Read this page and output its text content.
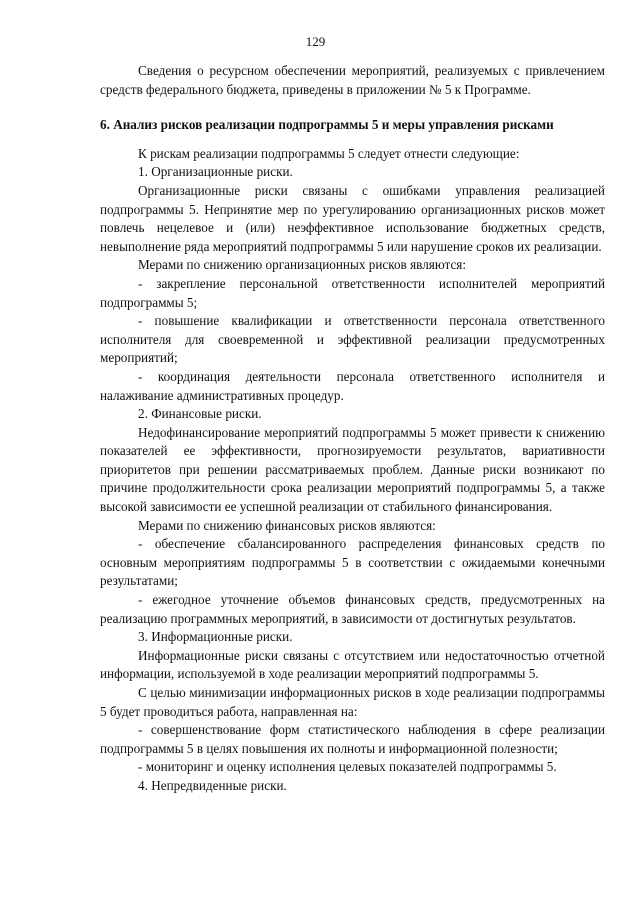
129

Сведения о ресурсном обеспечении мероприятий, реализуемых с привлечением средств федерального бюджета, приведены в приложении № 5 к Программе.

6. Анализ рисков реализации подпрограммы 5 и меры управления рисками

К рискам реализации подпрограммы 5 следует отнести следующие:

1. Организационные риски.

Организационные риски связаны с ошибками управления реализацией подпрограммы 5. Непринятие мер по урегулированию организационных рисков может повлечь нецелевое и (или) неэффективное использование бюджетных средств, невыполнение ряда мероприятий подпрограммы 5 или нарушение сроков их реализации.

Мерами по снижению организационных рисков являются:

- закрепление персональной ответственности исполнителей мероприятий подпрограммы 5;

- повышение квалификации и ответственности персонала ответственного исполнителя для своевременной и эффективной реализации предусмотренных мероприятий;

- координация деятельности персонала ответственного исполнителя и налаживание административных процедур.

2. Финансовые риски.

Недофинансирование мероприятий подпрограммы 5 может привести к снижению показателей ее эффективности, прогнозируемости результатов, вариативности приоритетов при решении рассматриваемых проблем. Данные риски возникают по причине продолжительности срока реализации мероприятий подпрограммы 5, а также высокой зависимости ее успешной реализации от стабильного финансирования.

Мерами по снижению финансовых рисков являются:

- обеспечение сбалансированного распределения финансовых средств по основным мероприятиям подпрограммы 5 в соответствии с ожидаемыми конечными результатами;

- ежегодное уточнение объемов финансовых средств, предусмотренных на реализацию программных мероприятий, в зависимости от достигнутых результатов.

3. Информационные риски.

Информационные риски связаны с отсутствием или недостаточностью отчетной информации, используемой в ходе реализации мероприятий подпрограммы 5.

С целью минимизации информационных рисков в ходе реализации подпрограммы 5 будет проводиться работа, направленная на:

- совершенствование форм статистического наблюдения в сфере реализации подпрограммы 5 в целях повышения их полноты и информационной полезности;

- мониторинг и оценку исполнения целевых показателей подпрограммы 5.

4. Непредвиденные риски.
